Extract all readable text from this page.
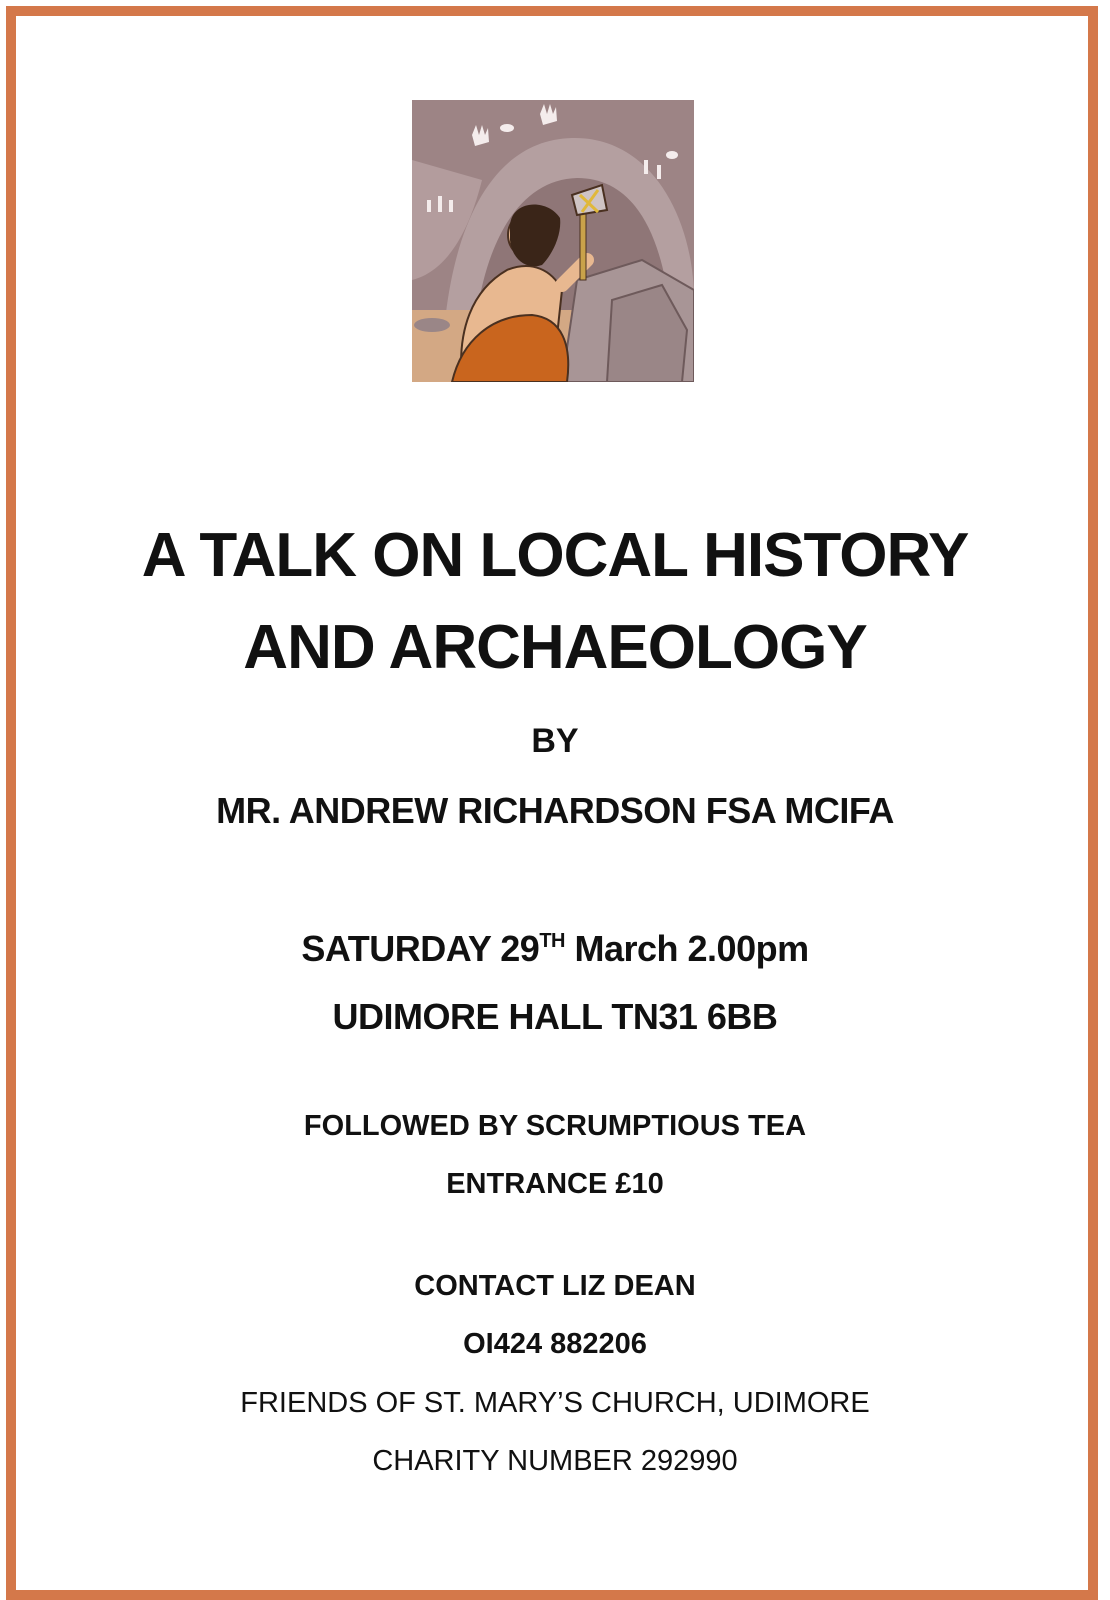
A TALK ON LOCAL HISTORY
AND ARCHAEOLOGY
BY
MR. ANDREW RICHARDSON FSA MCIFA
SATURDAY 29TH March 2.00pm
UDIMORE HALL TN31 6BB
FOLLOWED BY SCRUMPTIOUS TEA
ENTRANCE £10
CONTACT LIZ DEAN
OI424 882206
FRIENDS OF ST. MARY’S CHURCH, UDIMORE
CHARITY NUMBER 292990
